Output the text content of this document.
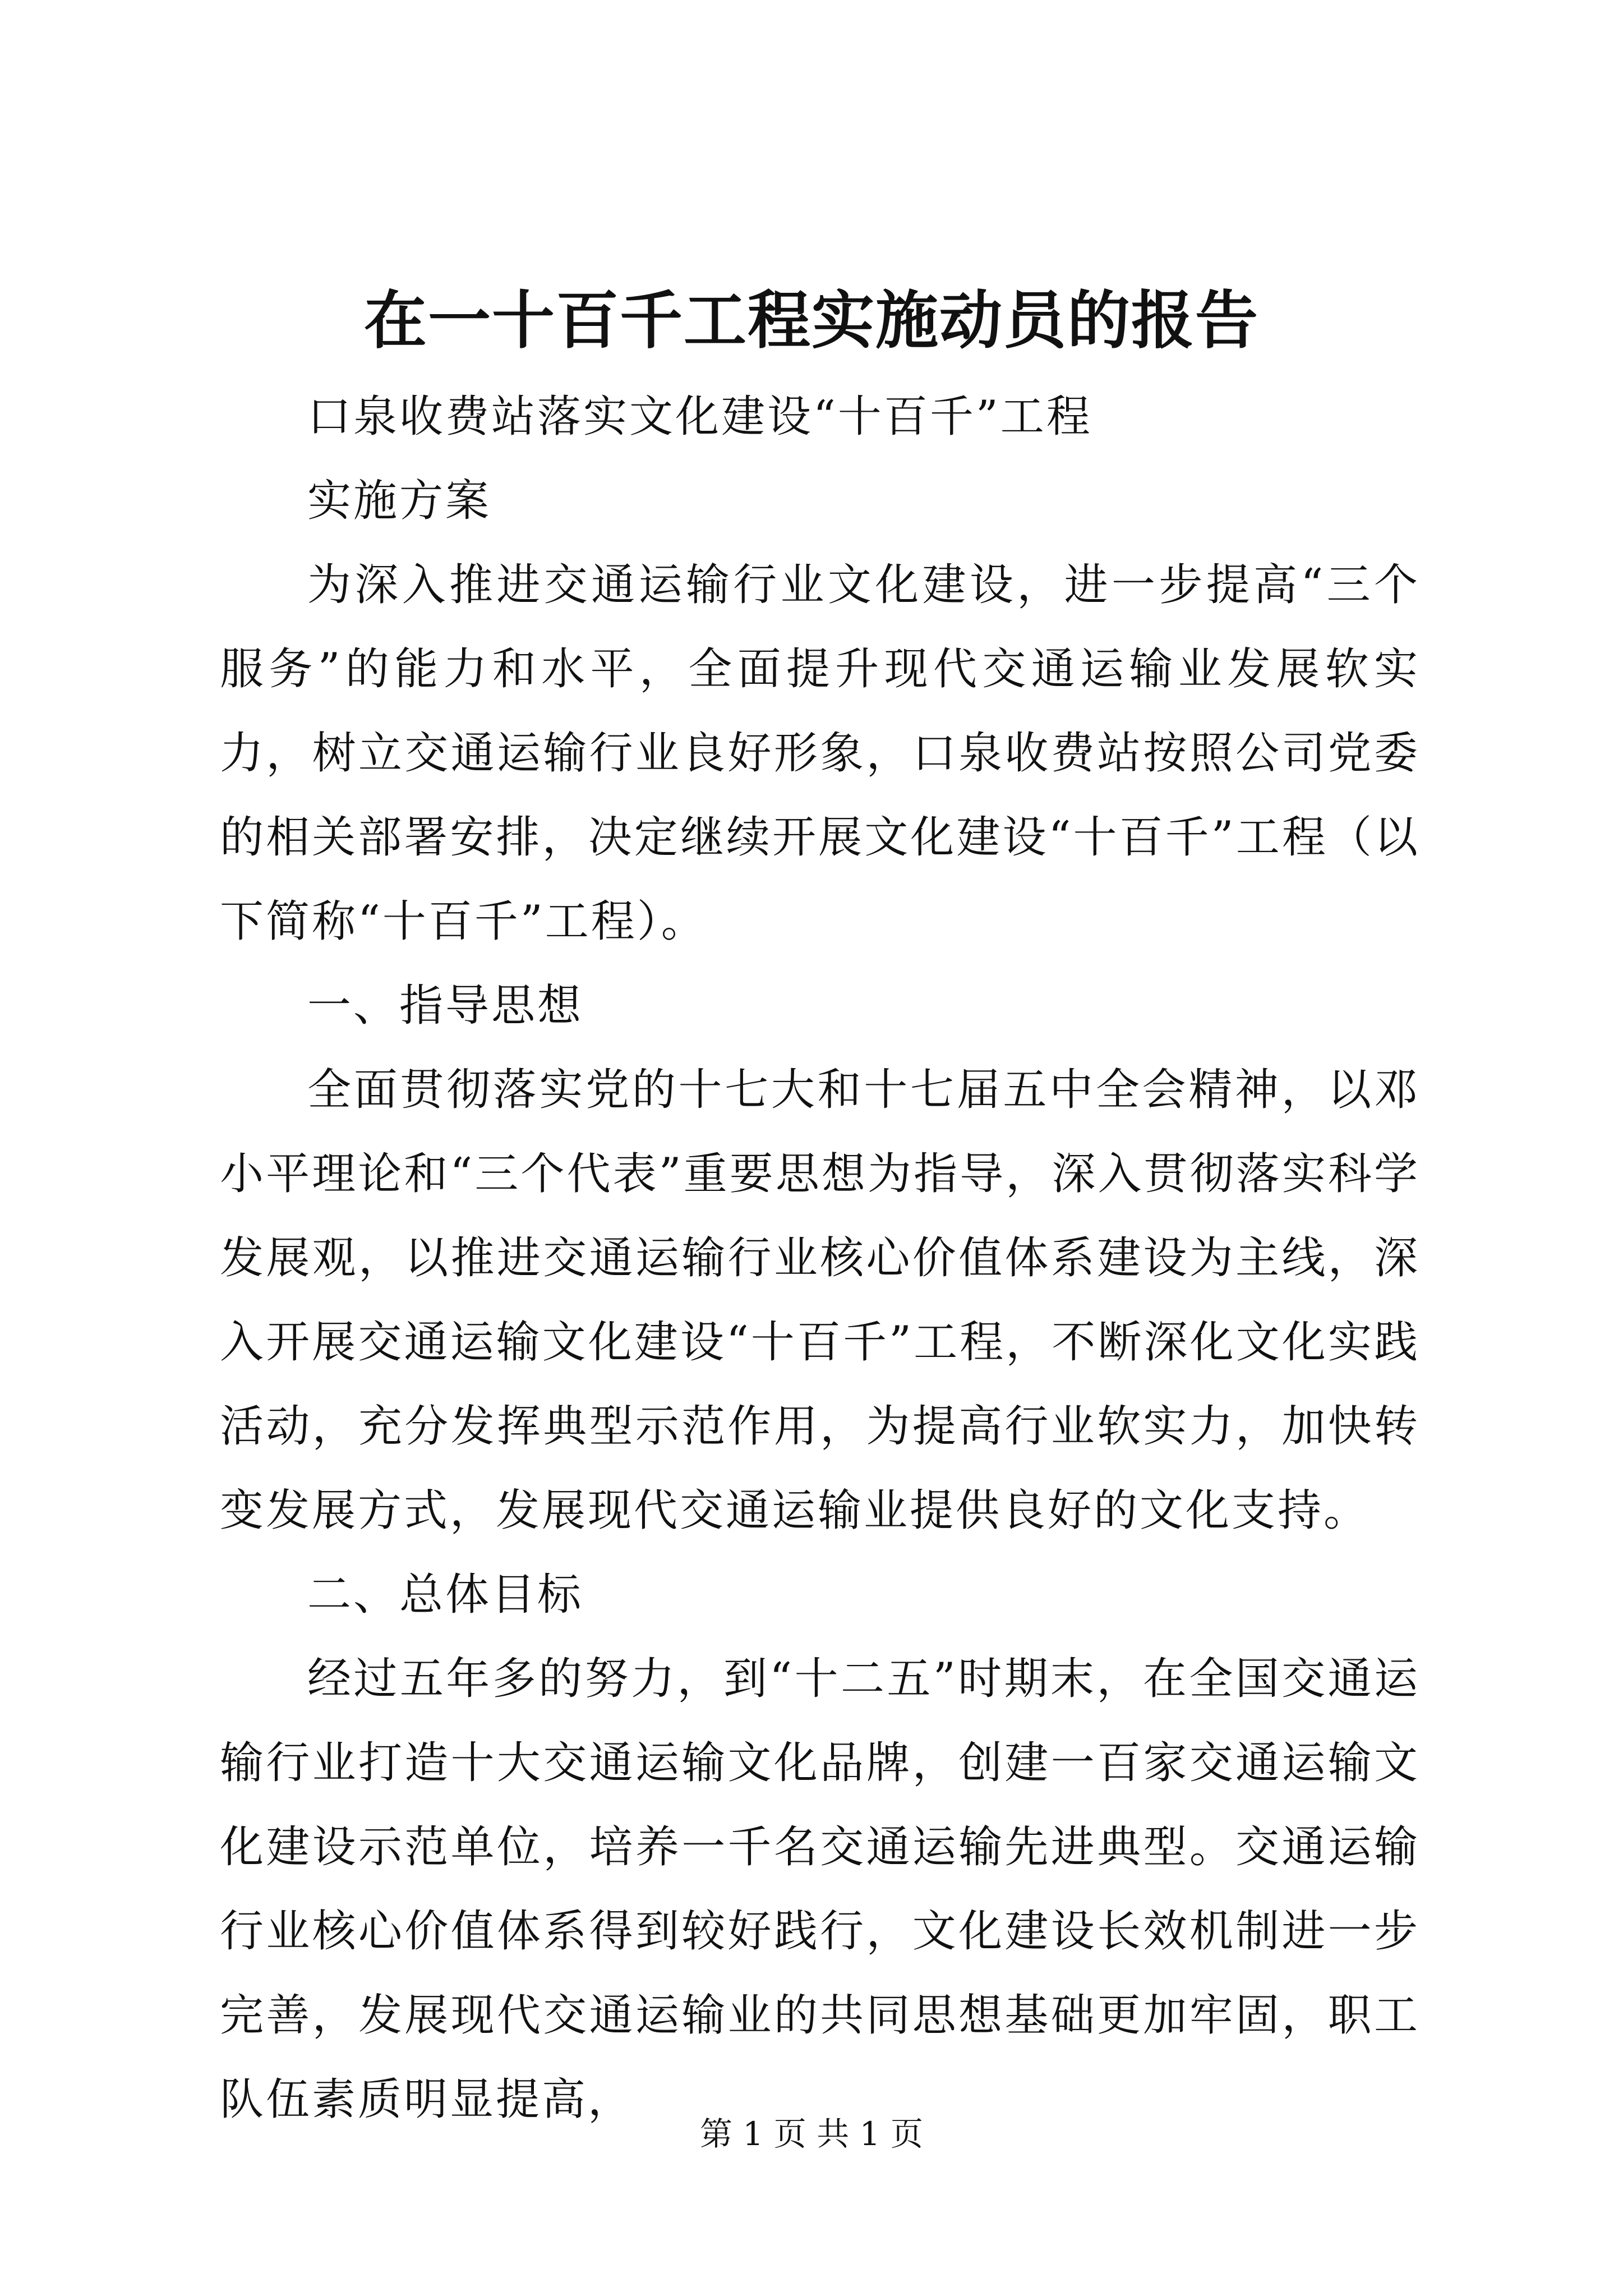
在一十百千工程实施动员的报告

口泉收费站落实文化建设“十百千”工程

实施方案

为深入推进交通运输行业文化建设，进一步提高“三个服务”的能力和水平，全面提升现代交通运输业发展软实力，树立交通运输行业良好形象，口泉收费站按照公司党委的相关部署安排，决定继续开展文化建设“十百千”工程（以下简称“十百千”工程）。

一、指导思想

全面贯彻落实党的十七大和十七届五中全会精神，以邓小平理论和“三个代表”重要思想为指导，深入贯彻落实科学发展观，以推进交通运输行业核心价值体系建设为主线，深入开展交通运输文化建设“十百千”工程，不断深化文化实践活动，充分发挥典型示范作用，为提高行业软实力，加快转变发展方式，发展现代交通运输业提供良好的文化支持。

二、总体目标

经过五年多的努力，到“十二五”时期末，在全国交通运输行业打造十大交通运输文化品牌，创建一百家交通运输文化建设示范单位，培养一千名交通运输先进典型。交通运输行业核心价值体系得到较好践行，文化建设长效机制进一步完善，发展现代交通运输业的共同思想基础更加牢固，职工队伍素质明显提高，

第 1 页 共 1 页
